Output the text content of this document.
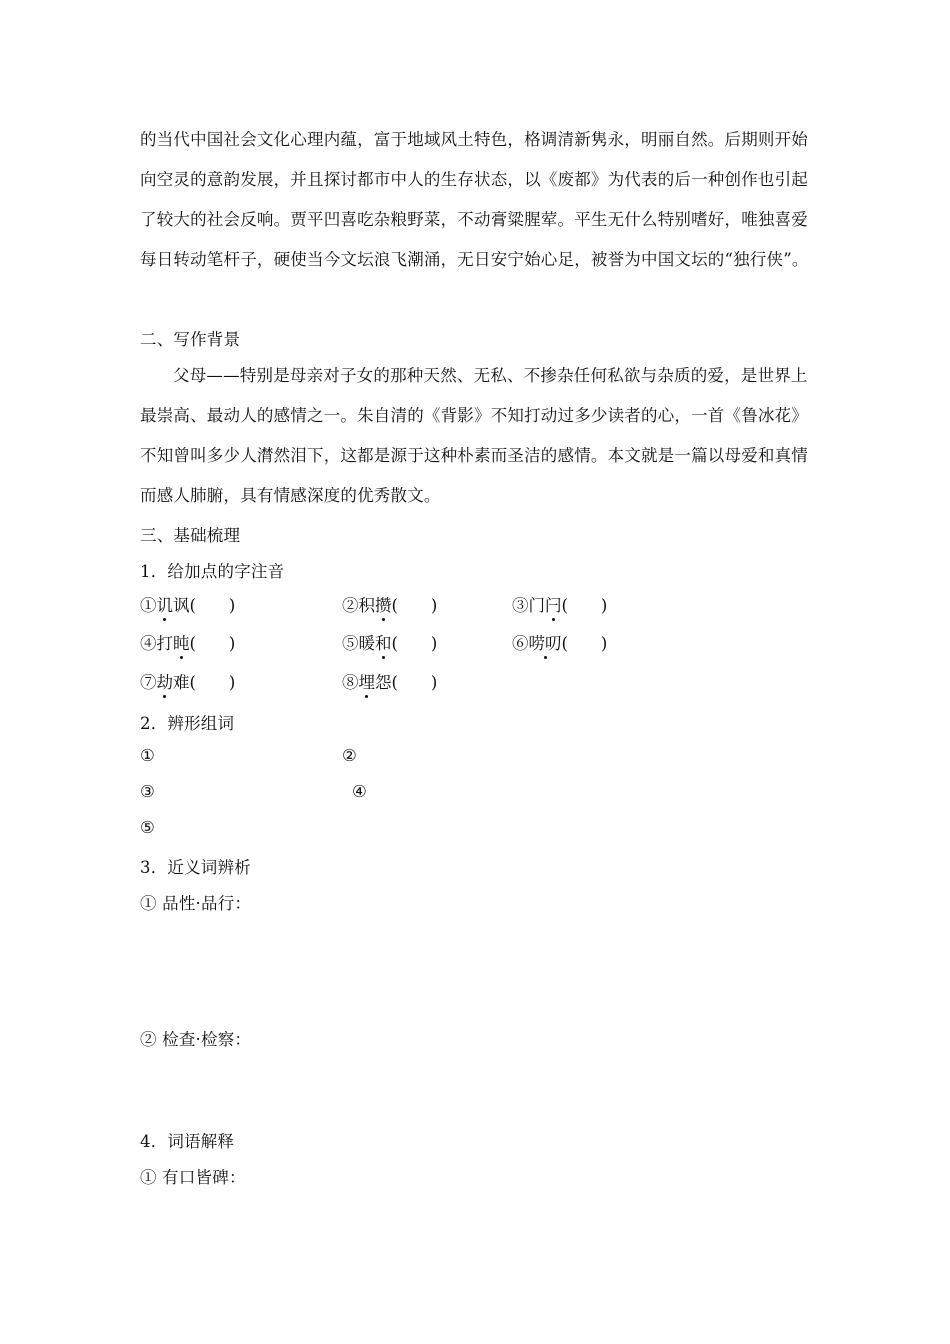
的当代中国社会文化心理内蕴，富于地域风土特色，格调清新隽永，明丽自然。后期则开始
向空灵的意韵发展，并且探讨都市中人的生存状态，以《废都》为代表的后一种创作也引起
了较大的社会反响。贾平凹喜吃杂粮野菜，不动膏粱腥荤。平生无什么特别嗜好，唯独喜爱
每日转动笔杆子，硬使当今文坛浪飞潮涌，无日安宁始心足，被誉为中国文坛的“独行侠”。
二、写作背景
父母——特别是母亲对子女的那种天然、无私、不掺杂任何私欲与杂质的爱，是世界上
最崇高、最动人的感情之一。朱自清的《背影》不知打动过多少读者的心，一首《鲁冰花》
不知曾叫多少人潸然泪下，这都是源于这种朴素而圣洁的感情。本文就是一篇以母爱和真情
而感人肺腑，具有情感深度的优秀散文。
三、基础梳理
1．给加点的字注音
①讥讽(　　)	②积攒(　　)	③门闩(　　)
④打盹(　　)	⑤暖和(　　)	⑥唠叨(　　)
⑦劫难(　　)	⑧埋怨(　　)
2．辨形组词
①	②
③	④
⑤
3．近义词辨析
① 品性·品行：
② 检查·检察：
4．词语解释
① 有口皆碑：
